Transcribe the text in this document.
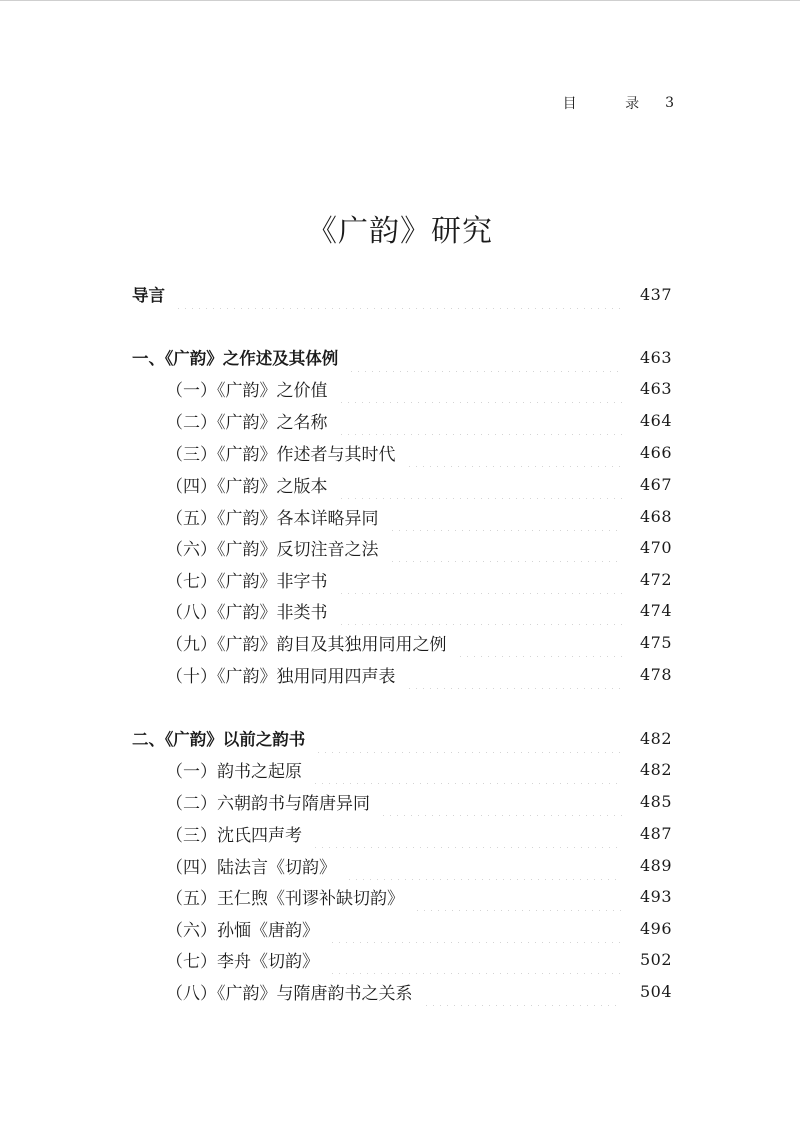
目 录 3
《广韵》研究
导言	437
一、《广韵》之作述及其体例	463
（一）《广韵》之价值	463
（二）《广韵》之名称	464
（三）《广韵》作述者与其时代	466
（四）《广韵》之版本	467
（五）《广韵》各本详略异同	468
（六）《广韵》反切注音之法	470
（七）《广韵》非字书	472
（八）《广韵》非类书	474
（九）《广韵》韵目及其独用同用之例	475
（十）《广韵》独用同用四声表	478
二、《广韵》以前之韵书	482
（一）韵书之起原	482
（二）六朝韵书与隋唐异同	485
（三）沈氏四声考	487
（四）陆法言《切韵》	489
（五）王仁煦《刊谬补缺切韵》	493
（六）孙愐《唐韵》	496
（七）李舟《切韵》	502
（八）《广韵》与隋唐韵书之关系	504
